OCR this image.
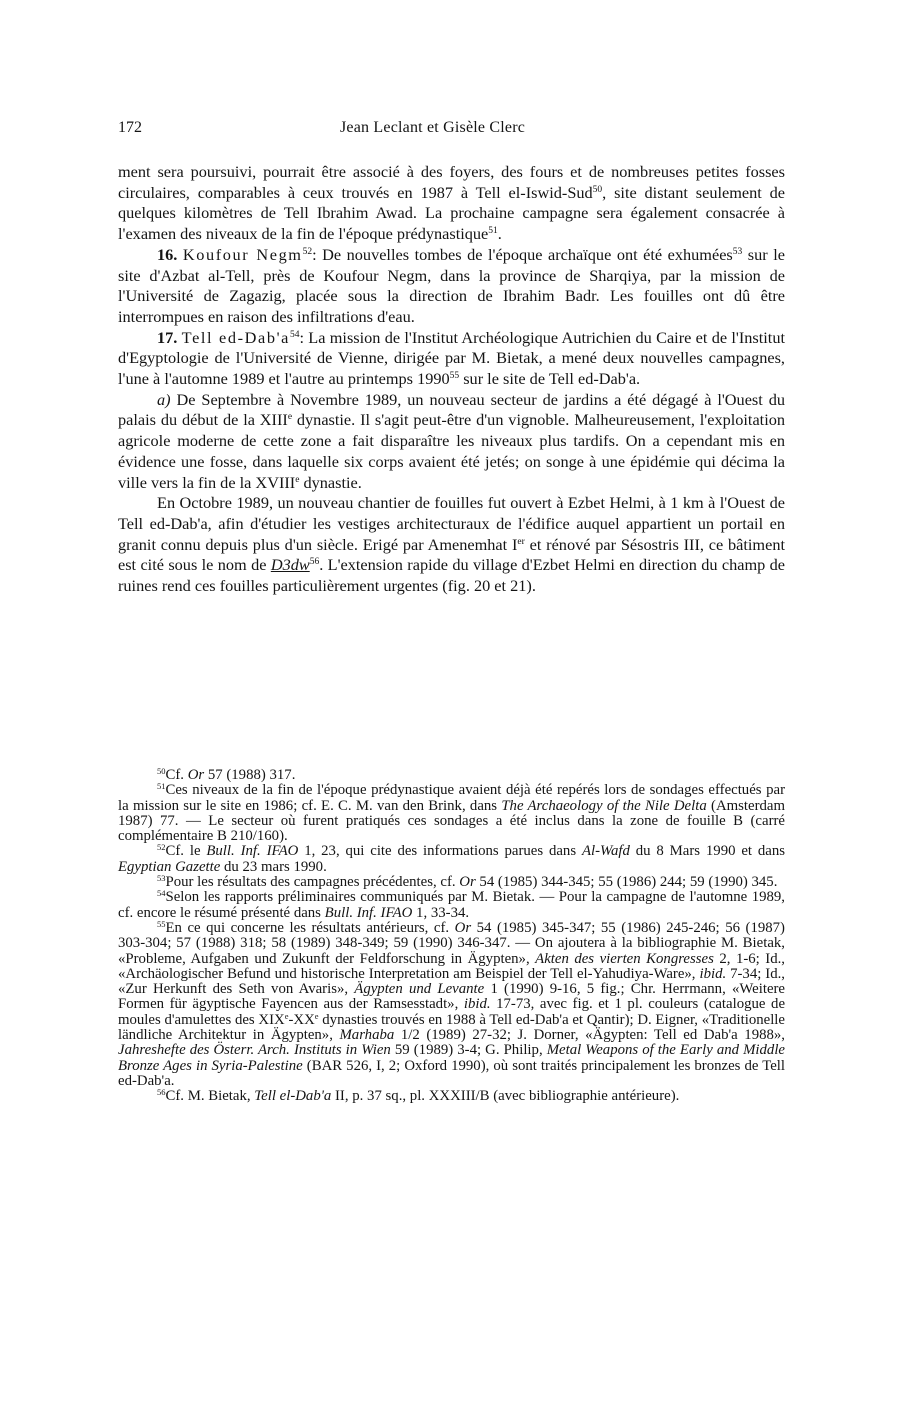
172	Jean Leclant et Gisèle Clerc

ment sera poursuivi, pourrait être associé à des foyers, des fours et de nombreuses petites fosses circulaires, comparables à ceux trouvés en 1987 à Tell el-Iswid-Sud$^{50}$, site distant seulement de quelques kilomètres de Tell Ibrahim Awad. La prochaine campagne sera également consacrée à l'examen des niveaux de la fin de l'époque prédynastique$^{51}$.

16. Koufour Negm$^{52}$: De nouvelles tombes de l'époque archaïque ont été exhumées$^{53}$ sur le site d'Azbat al-Tell, près de Koufour Negm, dans la province de Sharqiya, par la mission de l'Université de Zagazig, placée sous la direction de Ibrahim Badr. Les fouilles ont dû être interrompues en raison des infiltrations d'eau.

17. Tell $ed-Dab'a^{54}$: La mission de l'Institut Archéologique Autrichien du Caire et de l'Institut d'Egyptologie de l'Université de Vienne, dirigée par M. Bietak, a mené deux nouvelles campagnes, l'une à l'automne 1989 et l'autre au printemps 1990$^{55}$ sur le site de Tell ed-Dab'a.

a) De Septembre à Novembre 1989, un nouveau secteur de jardins a été dégagé à l'Ouest du palais du début de la XIIIe dynastie. Il s'agit peut-être d'un vignoble. Malheureusement, l'exploitation agricole moderne de cette zone a fait disparaître les niveaux plus tardifs. On a cependant mis en évidence une fosse, dans laquelle six corps avaient été jetés; on songe à une épidémie qui décima la ville vers la fin de la XVIIIe dynastie.

En Octobre 1989, un nouveau chantier de fouilles fut ouvert à Ezbet Helmi, à 1 km à l'Ouest de Tell ed-Dab'a, afin d'étudier les vestiges architecturaux de l'édifice auquel appartient un portail en granit connu depuis plus d'un siècle. Erigé par Amenemhat Ier et rénové par Sésostris III, ce bâtiment est cité sous le nom de $D3dw^{56}$. L'extension rapide du village d'Ezbet Helmi en direction du champ de ruines rend ces fouilles particulièrement urgentes (fig. 20 et 21).

$^{50}$Cf. Or 57 (1988) 317.

$^{51}$Ces niveaux de la fin de l'époque prédynastique avaient déjà été repérés lors de sondages effectués par la mission sur le site en 1986; cf. E. C. M. van den Brink, dans The Archaeology of the Nile Delta (Amsterdam 1987) 77. — Le secteur où furent pratiqués ces sondages a été inclus dans la zone de fouille B (carré complémentaire B 210/160).

$^{52}$Cf. le Bull. Inf. IFAO 1, 23, qui cite des informations parues dans Al-Wafd du 8 Mars 1990 et dans Egyptian Gazette du 23 mars 1990.

$^{53}$Pour les résultats des campagnes précédentes, cf. Or 54 (1985) 344-345; 55 (1986) 244; 59 (1990) 345.

$^{54}$Selon les rapports préliminaires communiqués par M. Bietak. — Pour la campagne de l'automne 1989, cf. encore le résumé présenté dans Bull. Inf. IFAO 1, 33-34.

$^{55}$En ce qui concerne les résultats antérieurs, cf. Or 54 (1985) 345-347; 55 (1986) 245-246; 56 (1987) 303-304; 57 (1988) 318; 58 (1989) 348-349; 59 (1990) 346-347. — On ajoutera à la bibliographie M. Bietak, «Probleme, Aufgaben und Zukunft der Feldforschung in Ägypten», Akten des vierten Kongresses 2, 1-6; Id., «Archäologischer Befund und historische Interpretation am Beispiel der Tell el-Yahudiya-Ware», ibid. 7-34; Id., «Zur Herkunft des Seth von Avaris», Ägypten und Levante 1 (1990) 9-16, 5 fig.; Chr. Herrmann, «Weitere Formen für ägyptische Fayencen aus der Ramsesstadt», ibid. 17-73, avec fig. et 1 pl. couleurs (catalogue de moules d'amulettes des XIXe-XXe dynasties trouvés en 1988 à Tell ed-Dab'a et Qantir); D. Eigner, «Traditionelle ländliche Architektur in Ägypten», Marhaba 1/2 (1989) 27-32; J. Dorner, «Ägypten: Tell ed Dab'a 1988», Jahreshefte des Österr. Arch. Instituts in Wien 59 (1989) 3-4; G. Philip, Metal Weapons of the Early and Middle Bronze Ages in Syria-Palestine (BAR 526, I, 2; Oxford 1990), où sont traités principalement les bronzes de Tell ed-Dab'a.

$^{56}$Cf. M. Bietak, Tell el-Dab'a II, p. 37 sq., pl. XXXIII/B (avec bibliographie antérieure).
